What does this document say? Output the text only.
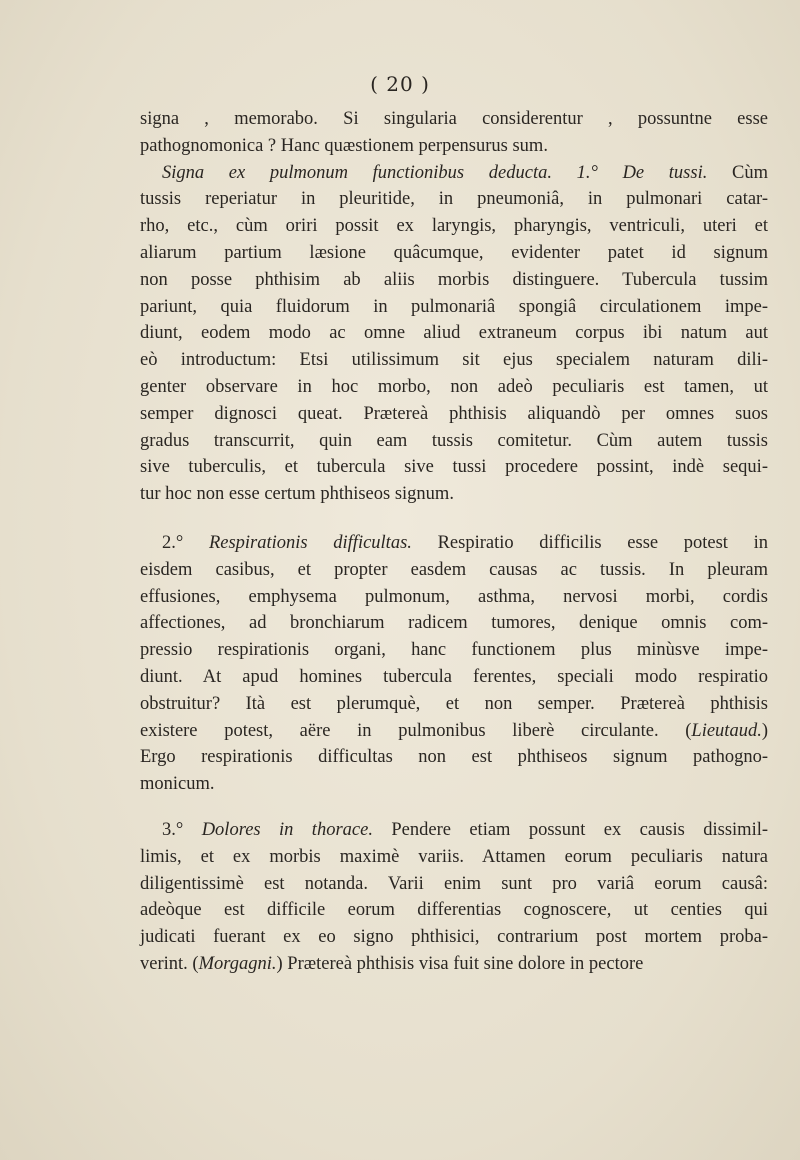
( 20 )
signa , memorabo. Si singularia considerentur , possuntne esse
pathognomonica ? Hanc quæstionem perpensurus sum.
Signa ex pulmonum functionibus deducta. 1.° De tussi. Cùm
tussis reperiatur in pleuritide, in pneumoniâ, in pulmonari catar-
rho, etc., cùm oriri possit ex laryngis, pharyngis, ventriculi, uteri et
aliarum partium læsione quâcumque, evidenter patet id signum
non posse phthisim ab aliis morbis distinguere. Tubercula tussim
pariunt, quia fluidorum in pulmonariâ spongiâ circulationem impe-
diunt, eodem modo ac omne aliud extraneum corpus ibi natum aut
eò introductum: Etsi utilissimum sit ejus specialem naturam dili-
genter observare in hoc morbo, non adeò peculiaris est tamen, ut
semper dignosci queat. Prætereà phthisis aliquandò per omnes suos
gradus transcurrit, quin eam tussis comitetur. Cùm autem tussis
sive tuberculis, et tubercula sive tussi procedere possint, indè sequi-
tur hoc non esse certum phthiseos signum.
2.° Respirationis difficultas. Respiratio difficilis esse potest in
eisdem casibus, et propter easdem causas ac tussis. In pleuram
effusiones, emphysema pulmonum, asthma, nervosi morbi, cordis
affectiones, ad bronchiarum radicem tumores, denique omnis com-
pressio respirationis organi, hanc functionem plus minùsve impe-
diunt. At apud homines tubercula ferentes, speciali modo respiratio
obstruitur? Ità est plerumquè, et non semper. Prætereà phthisis
existere potest, aëre in pulmonibus liberè circulante. (Lieutaud.)
Ergo respirationis difficultas non est phthiseos signum pathogno-
monicum.
3.° Dolores in thorace. Pendere etiam possunt ex causis dissimil-
limis, et ex morbis maximè variis. Attamen eorum peculiaris natura
diligentissimè est notanda. Varii enim sunt pro variâ eorum causâ:
adeòque est difficile eorum differentias cognoscere, ut centies qui
judicati fuerant ex eo signo phthisici, contrarium post mortem proba-
verint. (Morgagni.) Prætereà phthisis visa fuit sine dolore in pectore
